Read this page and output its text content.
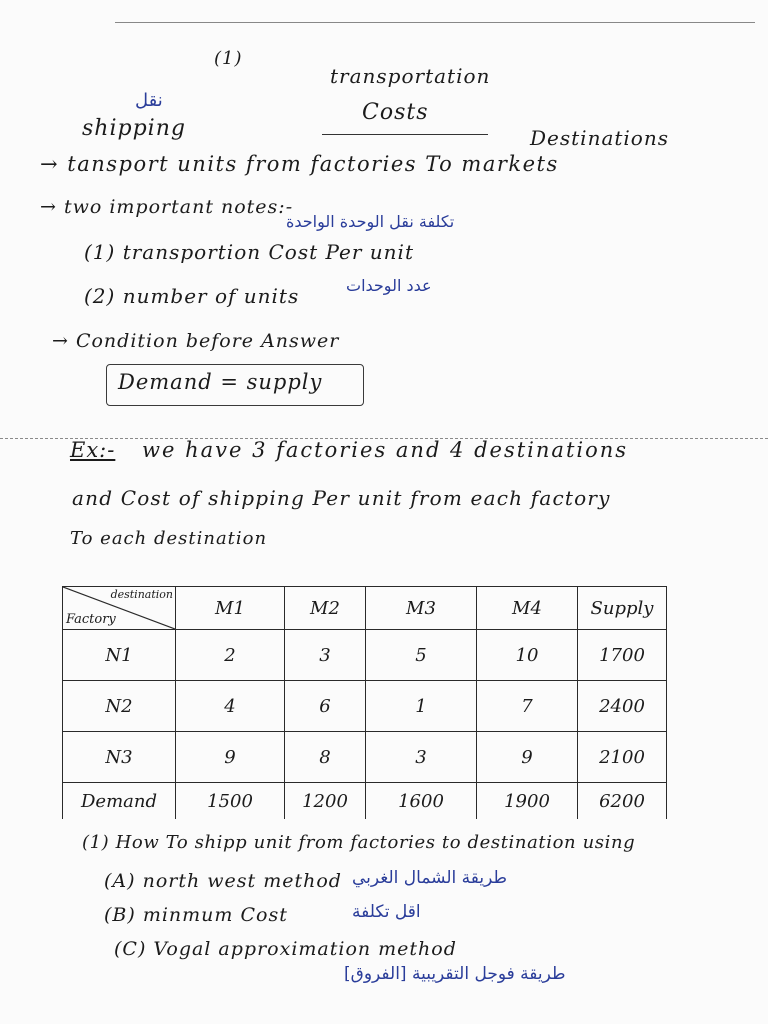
(1)
transportation
نقل	Costs
shipping	Destinations
→ tansport units from factories To markets
→ two important notes:-
تكلفة نقل الوحدة الواحدة
(1) transportion Cost Per unit
(2) number of units	عدد الوحدات
→ Condition before Answer
Demand = supply
Ex:- we have 3 factories and 4 destinations
and Cost of shipping Per unit from each factory
To each destination
destination
Factory	M1	M2	M3	M4	Supply
N1	2	3	5	10	1700
N2	4	6	1	7	2400
N3	9	8	3	9	2100
Demand	1500	1200	1600	1900	6200
(1) How To shipp unit from factories to destination using
(A) north west method طريقة الشمال الغربي
(B) minmum Cost	اقل تكلفة
(C) Vogal approximation method
طريقة فوجل التقريبية [الفروق]
